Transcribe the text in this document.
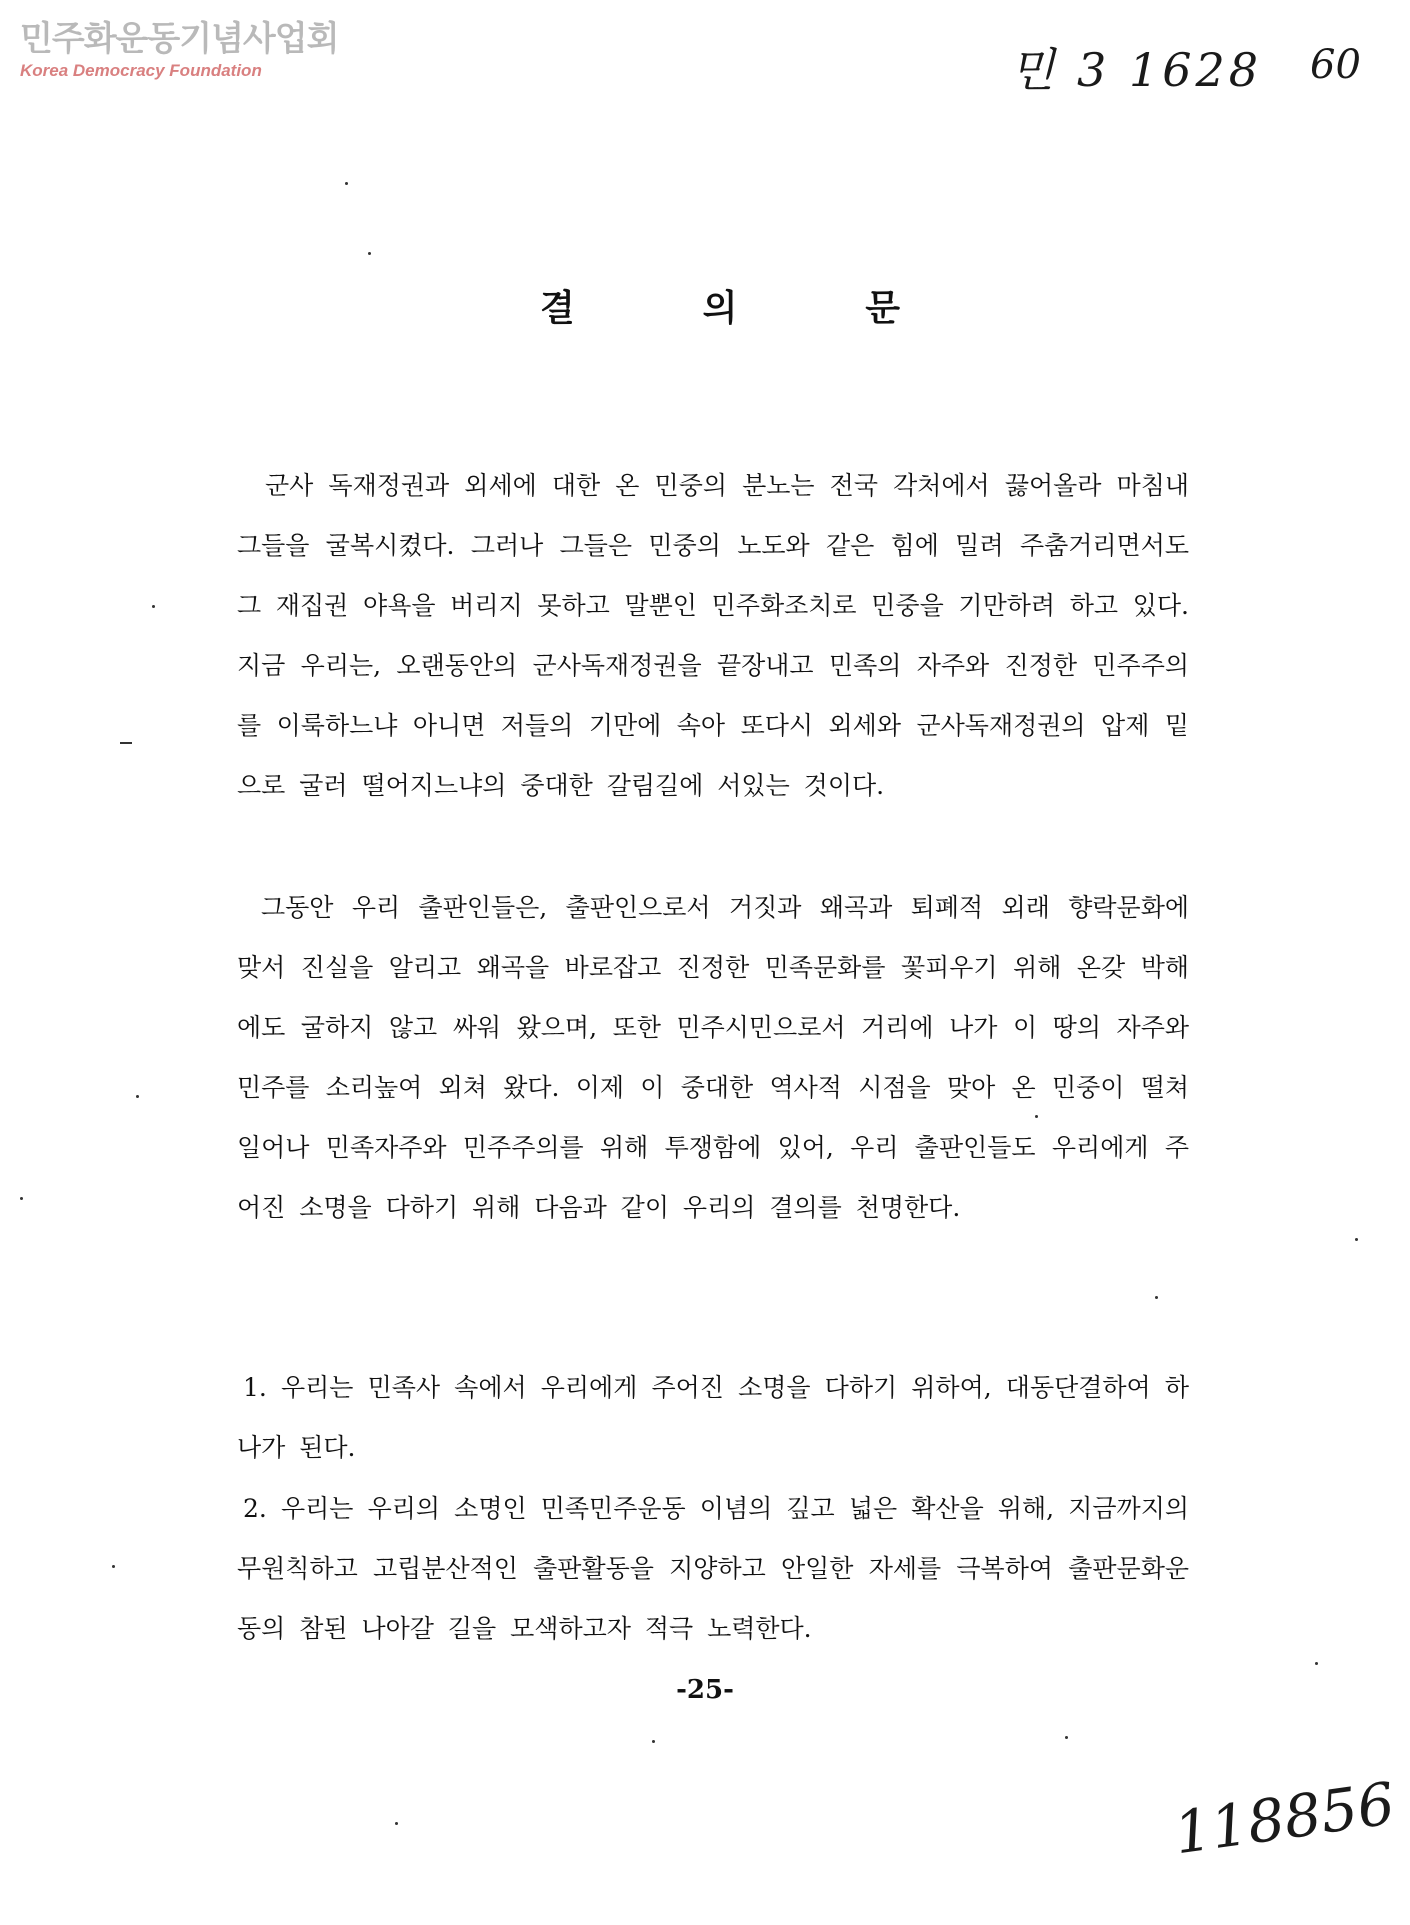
민주화운동기념사업회
Korea Democracy Foundation	민 3 1628 60
결	의	문
군사 독재정권과 외세에 대한 온 민중의 분노는 전국 각처에서 끓어올라 마침내 그들을 굴복시켰다. 그러나 그들은 민중의 노도와 같은 힘에 밀려 주춤거리면서도 그 재집권 야욕을 버리지 못하고 말뿐인 민주화조치로 민중을 기만하려 하고 있다. 지금 우리는, 오랜동안의 군사독재정권을 끝장내고 민족의 자주와 진정한 민주주의를 이룩하느냐 아니면 저들의 기만에 속아 또다시 외세와 군사독재정권의 압제 밑으로 굴러 떨어지느냐의 중대한 갈림길에 서있는 것이다.
그동안 우리 출판인들은, 출판인으로서 거짓과 왜곡과 퇴폐적 외래 향락문화에 맞서 진실을 알리고 왜곡을 바로잡고 진정한 민족문화를 꽃피우기 위해 온갖 박해에도 굴하지 않고 싸워 왔으며, 또한 민주시민으로서 거리에 나가 이 땅의 자주와 민주를 소리높여 외쳐 왔다. 이제 이 중대한 역사적 시점을 맞아 온 민중이 떨쳐 일어나 민족자주와 민주주의를 위해 투쟁함에 있어, 우리 출판인들도 우리에게 주어진 소명을 다하기 위해 다음과 같이 우리의 결의를 천명한다.
1. 우리는 민족사 속에서 우리에게 주어진 소명을 다하기 위하여, 대동단결하여 하나가 된다.
2. 우리는 우리의 소명인 민족민주운동 이념의 깊고 넓은 확산을 위해, 지금까지의 무원칙하고 고립분산적인 출판활동을 지양하고 안일한 자세를 극복하여 출판문화운동의 참된 나아갈 길을 모색하고자 적극 노력한다.
-25-
118856
